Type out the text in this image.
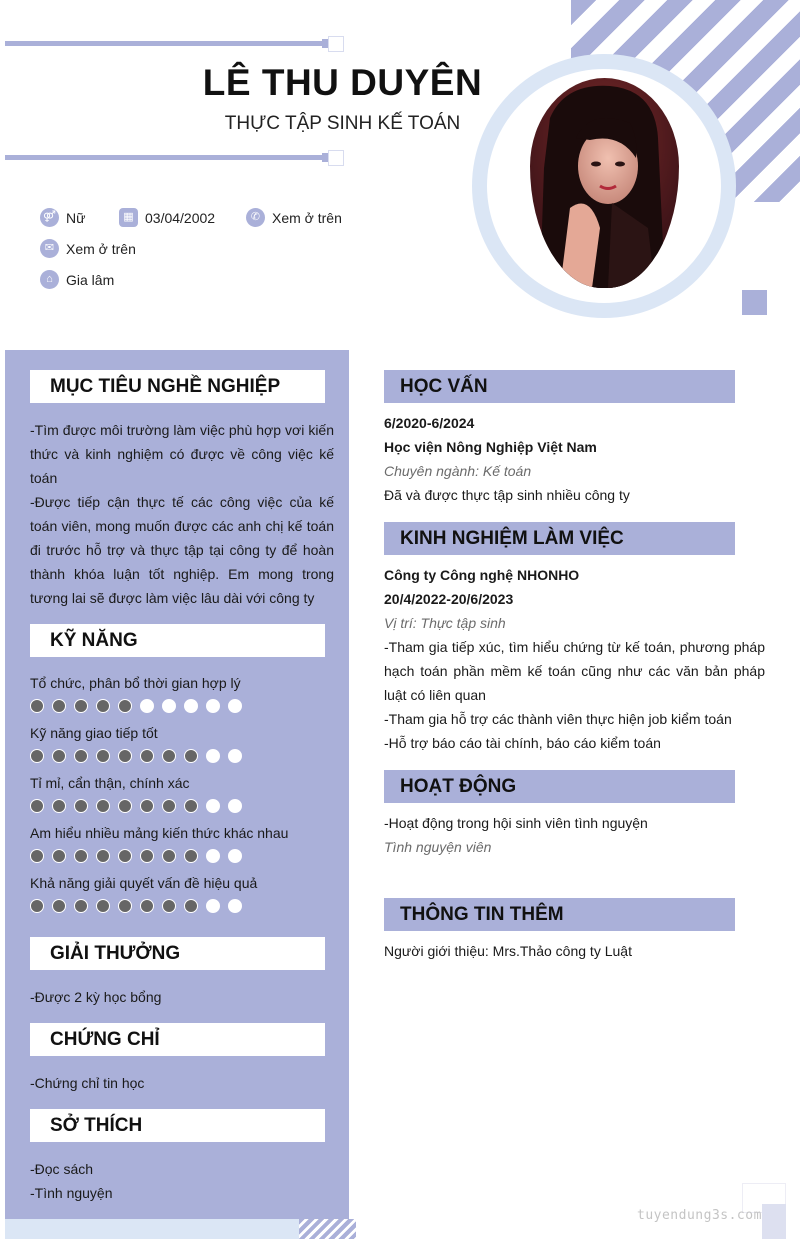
LÊ THU DUYÊN
THỰC TẬP SINH KẾ TOÁN
⚤ Nữ	▦ 03/04/2002	✆ Xem ở trên
✉ Xem ở trên
⌂ Gia lâm
MỤC TIÊU NGHỀ NGHIỆP

-Tìm được môi trường làm việc phù hợp vơi kiến thức và kinh nghiệm có được về công việc kế toán

-Được tiếp cận thực tế các công việc của kế toán viên, mong muốn được các anh chị kế toán đi trước hỗ trợ và thực tập tại công ty để hoàn thành khóa luận tốt nghiệp. Em mong trong tương lai sẽ được làm việc lâu dài với công ty

KỸ NĂNG
Tổ chức, phân bổ thời gian hợp lý
Kỹ năng giao tiếp tốt
Tỉ mỉ, cẩn thận, chính xác
Am hiểu nhiều mảng kiến thức khác nhau
Khả năng giải quyết vấn đề hiệu quả
GIẢI THƯỞNG

-Được 2 kỳ học bổng

CHỨNG CHỈ

-Chứng chỉ tin học

SỞ THÍCH

-Đọc sách

-Tình nguyện

HỌC VẤN

6/2020-6/2024

Học viện Nông Nghiệp Việt Nam

Chuyên ngành: Kế toán

Đã và được thực tập sinh nhiều công ty

KINH NGHIỆM LÀM VIỆC

Công ty Công nghệ NHONHO

20/4/2022-20/6/2023

Vị trí: Thực tập sinh

-Tham gia tiếp xúc, tìm hiểu chứng từ kế toán, phương pháp hạch toán phần mềm kế toán cũng như các văn bản pháp luật có liên quan

-Tham gia hỗ trợ các thành viên thực hiện job kiểm toán

-Hỗ trợ báo cáo tài chính, báo cáo kiểm toán

HOẠT ĐỘNG

-Hoạt động trong hội sinh viên tình nguyện

Tình nguyện viên

THÔNG TIN THÊM

Người giới thiệu: Mrs.Thảo công ty Luật

tuyendung3s.com
